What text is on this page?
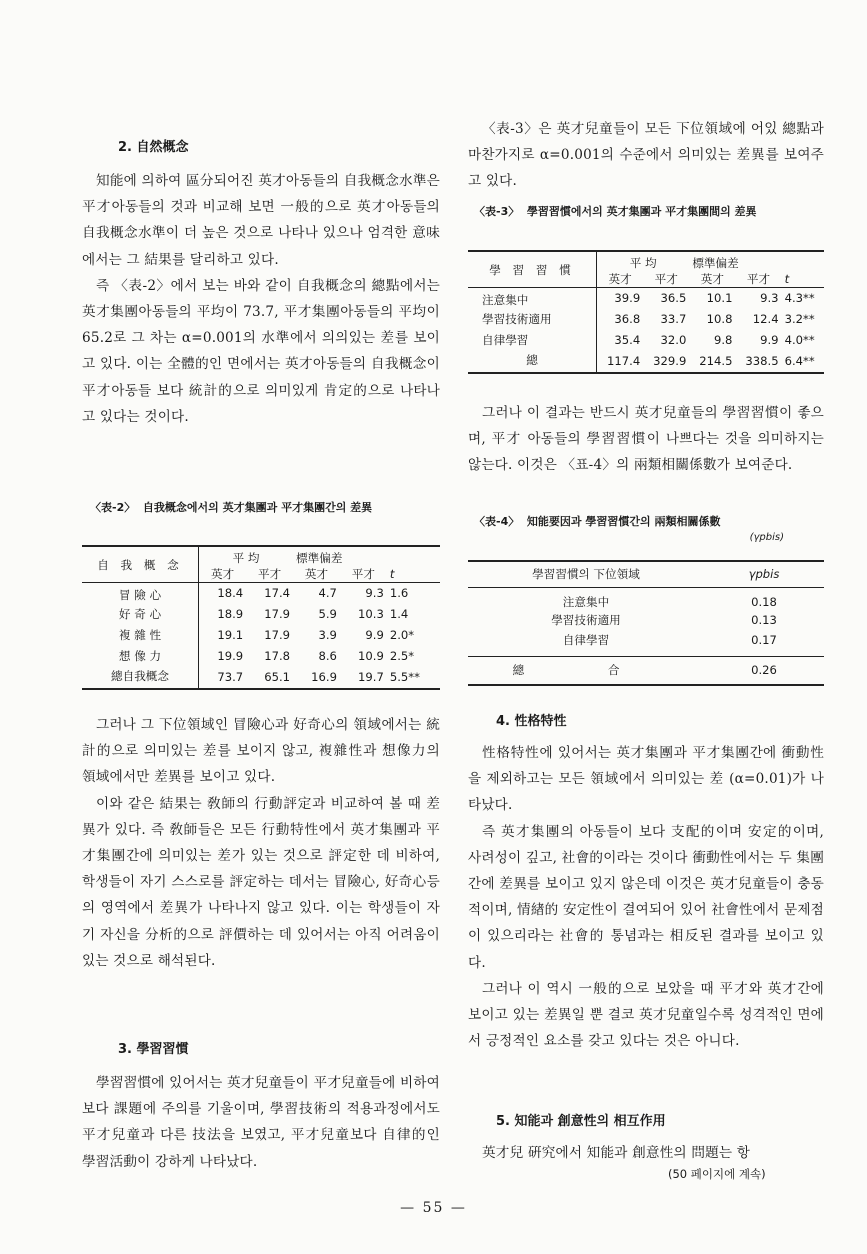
2. 自然概念

知能에 의하여 區分되어진 英才아동들의 自我概念水準은 平才아동들의 것과 비교해 보면 一般的으로 英才아동들의 自我概念水準이 더 높은 것으로 나타나 있으나 엄격한 意味에서는 그 結果를 달리하고 있다.

즉 〈表-2〉에서 보는 바와 같이 自我概念의 總點에서는 英才集團아동들의 平均이 73.7, 平才集團아동들의 平均이 65.2로 그 차는 α=0.001의 水準에서 의의있는 差를 보이고 있다. 이는 全體的인 면에서는 英才아동들의 自我概念이 平才아동들 보다 統計的으로 의미있게 肯定的으로 나타나고 있다는 것이다.

〈表-2〉 自我概念에서의 英才集團과 平才集團간의 差異
自 我 概 念	平 均		標準偏差		
	英才	平才	英才	平才	t
冒 險 心	18.4	17.4	4.7	9.3	1.6
好 奇 心	18.9	17.9	5.9	10.3	1.4
複 雜 性	19.1	17.9	3.9	9.9	2.0*
想 像 力	19.9	17.8	8.6	10.9	2.5*
總自我概念	73.7	65.1	16.9	19.7	5.5**

그러나 그 下位領域인 冒險心과 好奇心의 領域에서는 統計的으로 의미있는 差를 보이지 않고, 複雜性과 想像力의 領域에서만 差異를 보이고 있다.

이와 같은 結果는 敎師의 行動評定과 비교하여 볼 때 差異가 있다. 즉 敎師들은 모든 行動特性에서 英才集團과 平才集團간에 의미있는 差가 있는 것으로 評定한 데 비하여, 학생들이 자기 스스로를 評定하는 데서는 冒險心, 好奇心등의 영역에서 差異가 나타나지 않고 있다. 이는 학생들이 자기 자신을 分析的으로 評價하는 데 있어서는 아직 어려움이 있는 것으로 해석된다.

3. 學習習慣

學習習慣에 있어서는 英才兒童들이 平才兒童들에 비하여 보다 課題에 주의를 기울이며, 學習技術의 적용과정에서도 平才兒童과 다른 技法을 보였고, 平才兒童보다 自律的인 學習活動이 강하게 나타났다.

〈表-3〉은 英才兒童들이 모든 下位領域에 어있 總點과 마찬가지로 α=0.001의 수준에서 의미있는 差異를 보여주고 있다.

〈表-3〉 學習習慣에서의 英才集團과 平才集團間의 差異
學 習 習 慣	平 均		標準偏差		
	英才	平才	英才	平才	t
注意集中	39.9	36.5	10.1	9.3	4.3**
學習技術適用	36.8	33.7	10.8	12.4	3.2**
自律學習	35.4	32.0	9.8	9.9	4.0**
總	117.4	329.9	214.5	338.5	6.4**

그러나 이 결과는 반드시 英才兒童들의 學習習慣이 좋으며, 平才 아동들의 學習習慣이 나쁘다는 것을 의미하지는 않는다. 이것은 〈표-4〉의 兩類相關係數가 보여준다.

〈表-4〉 知能要因과 學習習慣간의 兩類相關係數
(γpbis)
學習習慣의 下位領域	γpbis
注意集中	0.18
學習技術適用	0.13
自律學習	0.17
總 合	0.26
4. 性格特性

性格特性에 있어서는 英才集團과 平才集團간에 衝動性을 제외하고는 모든 領域에서 의미있는 差 (α=0.01)가 나타났다.

즉 英才集團의 아동들이 보다 支配的이며 安定的이며, 사려성이 깊고, 社會的이라는 것이다 衝動性에서는 두 集團간에 差異를 보이고 있지 않은데 이것은 英才兒童들이 충동적이며, 情緖的 安定性이 결여되어 있어 社會性에서 문제점이 있으리라는 社會的 통념과는 相反된 결과를 보이고 있다.

그러나 이 역시 一般的으로 보았을 때 平才와 英才간에 보이고 있는 差異일 뿐 결코 英才兒童일수록 성격적인 면에서 긍정적인 요소를 갖고 있다는 것은 아니다.

5. 知能과 創意性의 相互作用

英才兒 硏究에서 知能과 創意性의 問題는 항

(50 페이지에 계속)
— 55 —
